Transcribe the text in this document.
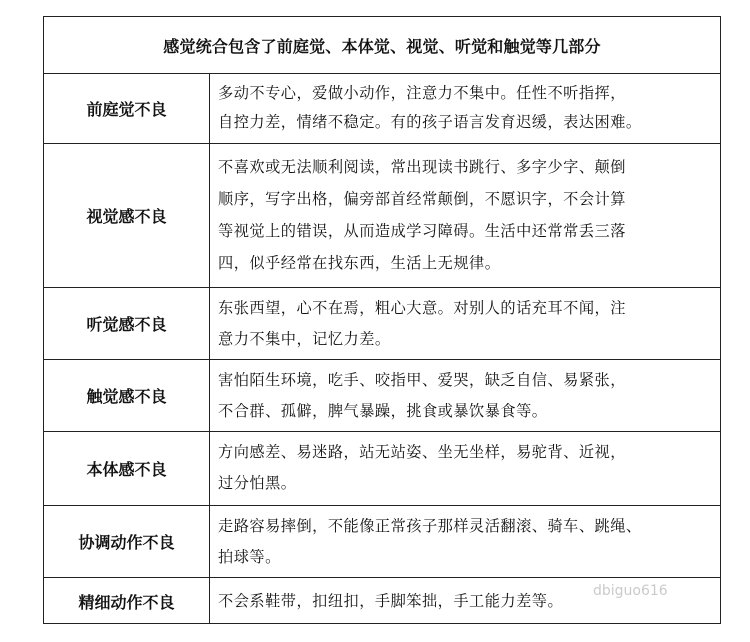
感觉统合包含了前庭觉、本体觉、视觉、听觉和触觉等几部分
前庭觉不良
多动不专心，爱做小动作，注意力不集中。任性不听指挥，
自控力差，情绪不稳定。有的孩子语言发育迟缓，表达困难。
视觉感不良
不喜欢或无法顺利阅读，常出现读书跳行、多字少字、颠倒
顺序，写字出格，偏旁部首经常颠倒，不愿识字，不会计算
等视觉上的错误，从而造成学习障碍。生活中还常常丢三落
四，似乎经常在找东西，生活上无规律。
听觉感不良
东张西望，心不在焉，粗心大意。对别人的话充耳不闻，注
意力不集中，记忆力差。
触觉感不良
害怕陌生环境，吃手、咬指甲、爱哭，缺乏自信、易紧张，
不合群、孤僻，脾气暴躁，挑食或暴饮暴食等。
本体感不良
方向感差、易迷路，站无站姿、坐无坐样，易驼背、近视，
过分怕黑。
协调动作不良
走路容易摔倒，不能像正常孩子那样灵活翻滚、骑车、跳绳、
拍球等。
精细动作不良	不会系鞋带，扣纽扣，手脚笨拙，手工能力差等。
dbiguo616
